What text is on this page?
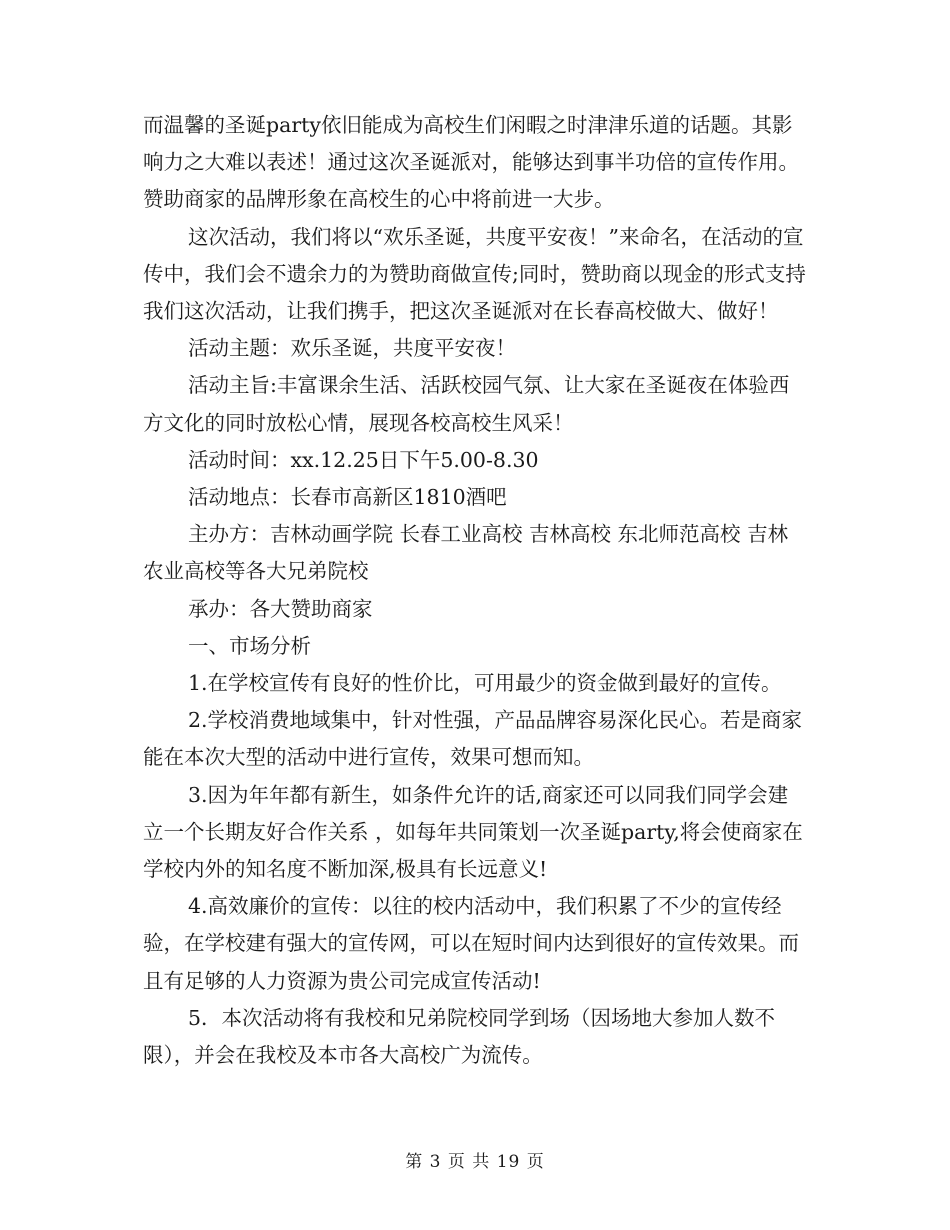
而温馨的圣诞party依旧能成为高校生们闲暇之时津津乐道的话题。其影响力之大难以表述！通过这次圣诞派对，能够达到事半功倍的宣传作用。赞助商家的品牌形象在高校生的心中将前进一大步。

这次活动，我们将以“欢乐圣诞，共度平安夜！”来命名，在活动的宣传中，我们会不遗余力的为赞助商做宣传;同时，赞助商以现金的形式支持我们这次活动，让我们携手，把这次圣诞派对在长春高校做大、做好！

活动主题：欢乐圣诞，共度平安夜！

活动主旨:丰富课余生活、活跃校园气氛、让大家在圣诞夜在体验西方文化的同时放松心情，展现各校高校生风采！

活动时间：xx.12.25日下午5.00-8.30

活动地点：长春市高新区1810酒吧

主办方：吉林动画学院 长春工业高校 吉林高校 东北师范高校 吉林农业高校等各大兄弟院校

承办：各大赞助商家

一、市场分析

1.在学校宣传有良好的性价比，可用最少的资金做到最好的宣传。

2.学校消费地域集中，针对性强，产品品牌容易深化民心。若是商家能在本次大型的活动中进行宣传，效果可想而知。

3.因为年年都有新生，如条件允许的话,商家还可以同我们同学会建立一个长期友好合作关系 ，如每年共同策划一次圣诞party,将会使商家在学校内外的知名度不断加深,极具有长远意义!

4.高效廉价的宣传：以往的校内活动中，我们积累了不少的宣传经验，在学校建有强大的宣传网，可以在短时间内达到很好的宣传效果。而且有足够的人力资源为贵公司完成宣传活动!

5．本次活动将有我校和兄弟院校同学到场（因场地大参加人数不限），并会在我校及本市各大高校广为流传。

第 3 页 共 19 页
